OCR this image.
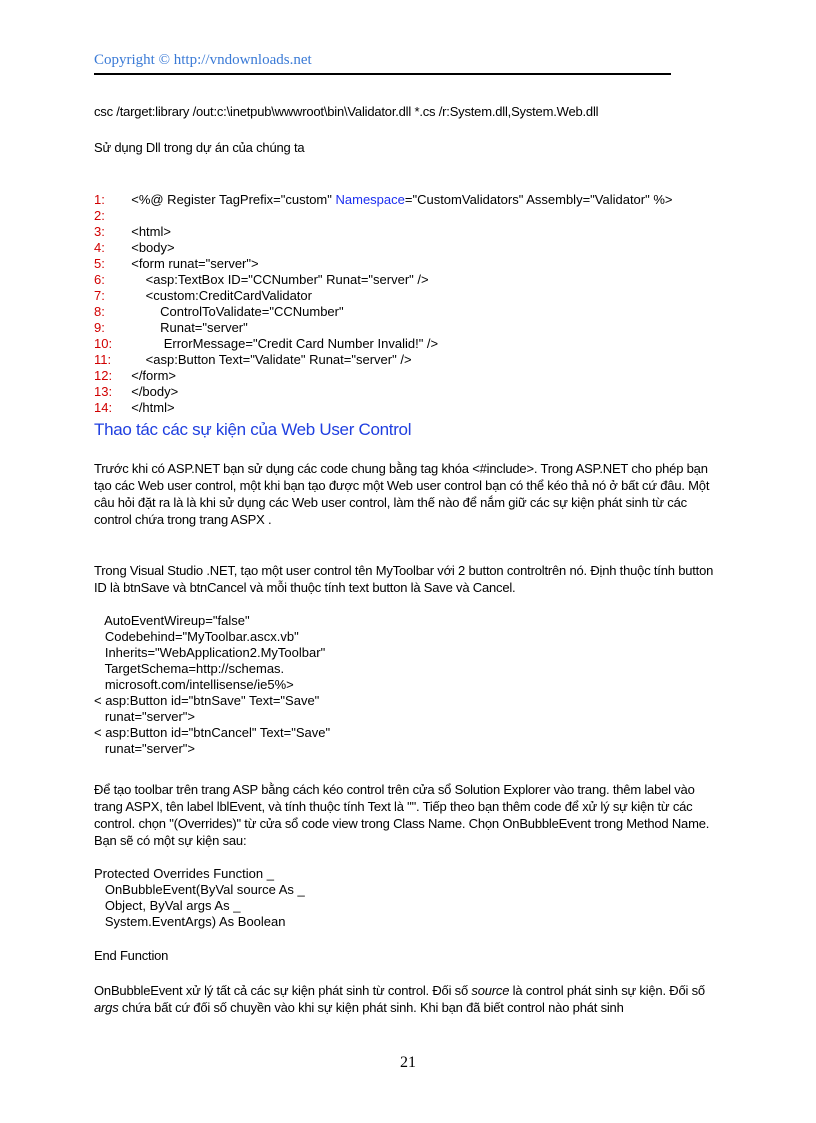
Copyright © http://vndownloads.net
csc /target:library /out:c:\inetpub\wwwroot\bin\Validator.dll *.cs /r:System.dll,System.Web.dll
Sử dụng Dll trong dự án của chúng ta
1:  <%@ Register TagPrefix="custom" Namespace="CustomValidators" Assembly="Validator" %>
2:
3:  <html>
4:  <body>
5:  <form runat="server">
6:      <asp:TextBox ID="CCNumber" Runat="server" />
7:      <custom:CreditCardValidator
8:          ControlToValidate="CCNumber"
9:          Runat="server"
10:           ErrorMessage="Credit Card Number Invalid!" />
11:      <asp:Button Text="Validate" Runat="server" />
12:  </form>
13:  </body>
14:  </html>
Thao tác các sự kiện của Web User Control
Trước khi có ASP.NET bạn sử dụng các code chung bằng tag khóa <#include>. Trong ASP.NET cho phép bạn tạo các Web user control, một khi bạn tạo được một Web user control bạn có thể kéo thả nó ở bất cứ đâu. Một câu hỏi đặt ra là là khi sử dụng các Web user control, làm thế nào để nắm giữ các sự kiện phát sinh từ các control chứa trong trang ASPX .
Trong Visual Studio .NET, tạo một user control tên MyToolbar với 2 button controltrên nó. Định thuộc tính button ID là btnSave và btnCancel và mỗi thuộc tính text button là Save và Cancel.
AutoEventWireup="false"
Codebehind="MyToolbar.ascx.vb"
Inherits="WebApplication2.MyToolbar"
TargetSchema=http://schemas.
microsoft.com/intellisense/ie5%>
< asp:Button id="btnSave" Text="Save"
runat="server">
< asp:Button id="btnCancel" Text="Save"
runat="server">
Để tạo toolbar trên trang ASP bằng cách kéo control trên cửa sổ Solution Explorer vào trang. thêm label vào trang ASPX, tên label lblEvent, và tính thuộc tính Text là "". Tiếp theo bạn thêm code để xử lý sự kiện từ các control. chọn "(Overrides)" từ cửa sổ code view trong Class Name. Chọn OnBubbleEvent trong Method Name. Bạn sẽ có một sự kiện sau:
Protected Overrides Function _
OnBubbleEvent(ByVal source As _
Object, ByVal args As _
System.EventArgs) As Boolean
End Function
OnBubbleEvent xử lý tất cả các sự kiện phát sinh từ control. Đối số source là control phát sinh sự kiện. Đối số args chứa bất cứ đối số chuyền vào khi sự kiện phát sinh. Khi bạn đã biết control nào phát sinh
21
